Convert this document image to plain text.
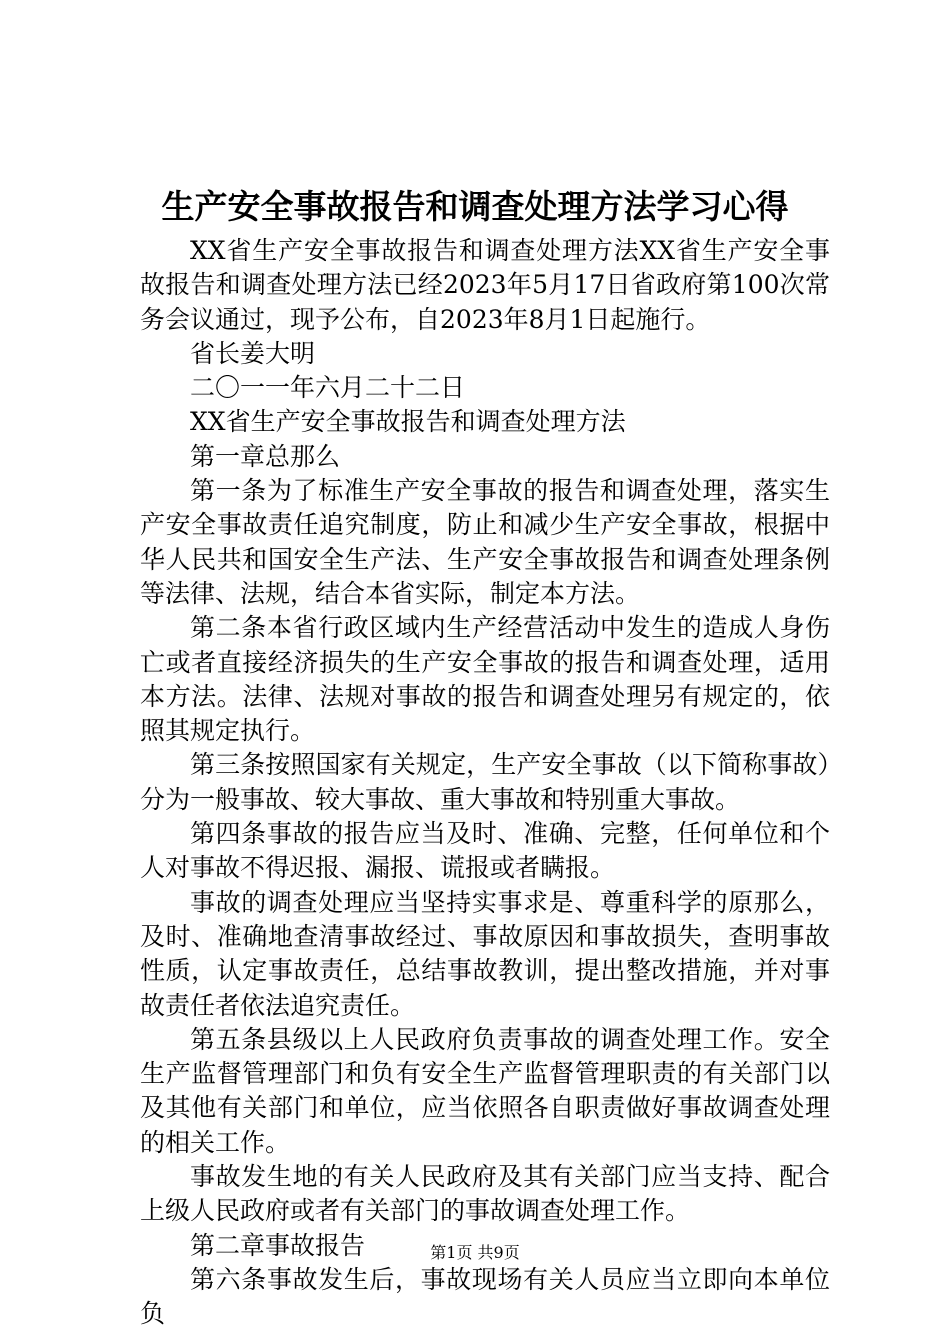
生产安全事故报告和调查处理方法学习心得

XX省生产安全事故报告和调查处理方法XX省生产安全事故报告和调查处理方法已经2023年5月17日省政府第100次常务会议通过，现予公布，自2023年8月1日起施行。

省长姜大明

二〇一一年六月二十二日

XX省生产安全事故报告和调查处理方法

第一章总那么

第一条为了标准生产安全事故的报告和调查处理，落实生产安全事故责任追究制度，防止和减少生产安全事故，根据中华人民共和国安全生产法、生产安全事故报告和调查处理条例等法律、法规，结合本省实际，制定本方法。

第二条本省行政区域内生产经营活动中发生的造成人身伤亡或者直接经济损失的生产安全事故的报告和调查处理，适用本方法。法律、法规对事故的报告和调查处理另有规定的，依照其规定执行。

第三条按照国家有关规定，生产安全事故（以下简称事故）分为一般事故、较大事故、重大事故和特别重大事故。

第四条事故的报告应当及时、准确、完整，任何单位和个人对事故不得迟报、漏报、谎报或者瞒报。

事故的调查处理应当坚持实事求是、尊重科学的原那么，及时、准确地查清事故经过、事故原因和事故损失，查明事故性质，认定事故责任，总结事故教训，提出整改措施，并对事故责任者依法追究责任。

第五条县级以上人民政府负责事故的调查处理工作。安全生产监督管理部门和负有安全生产监督管理职责的有关部门以及其他有关部门和单位，应当依照各自职责做好事故调查处理的相关工作。

事故发生地的有关人民政府及其有关部门应当支持、配合上级人民政府或者有关部门的事故调查处理工作。

第二章事故报告

第六条事故发生后，事故现场有关人员应当立即向本单位负

第1页 共9页
